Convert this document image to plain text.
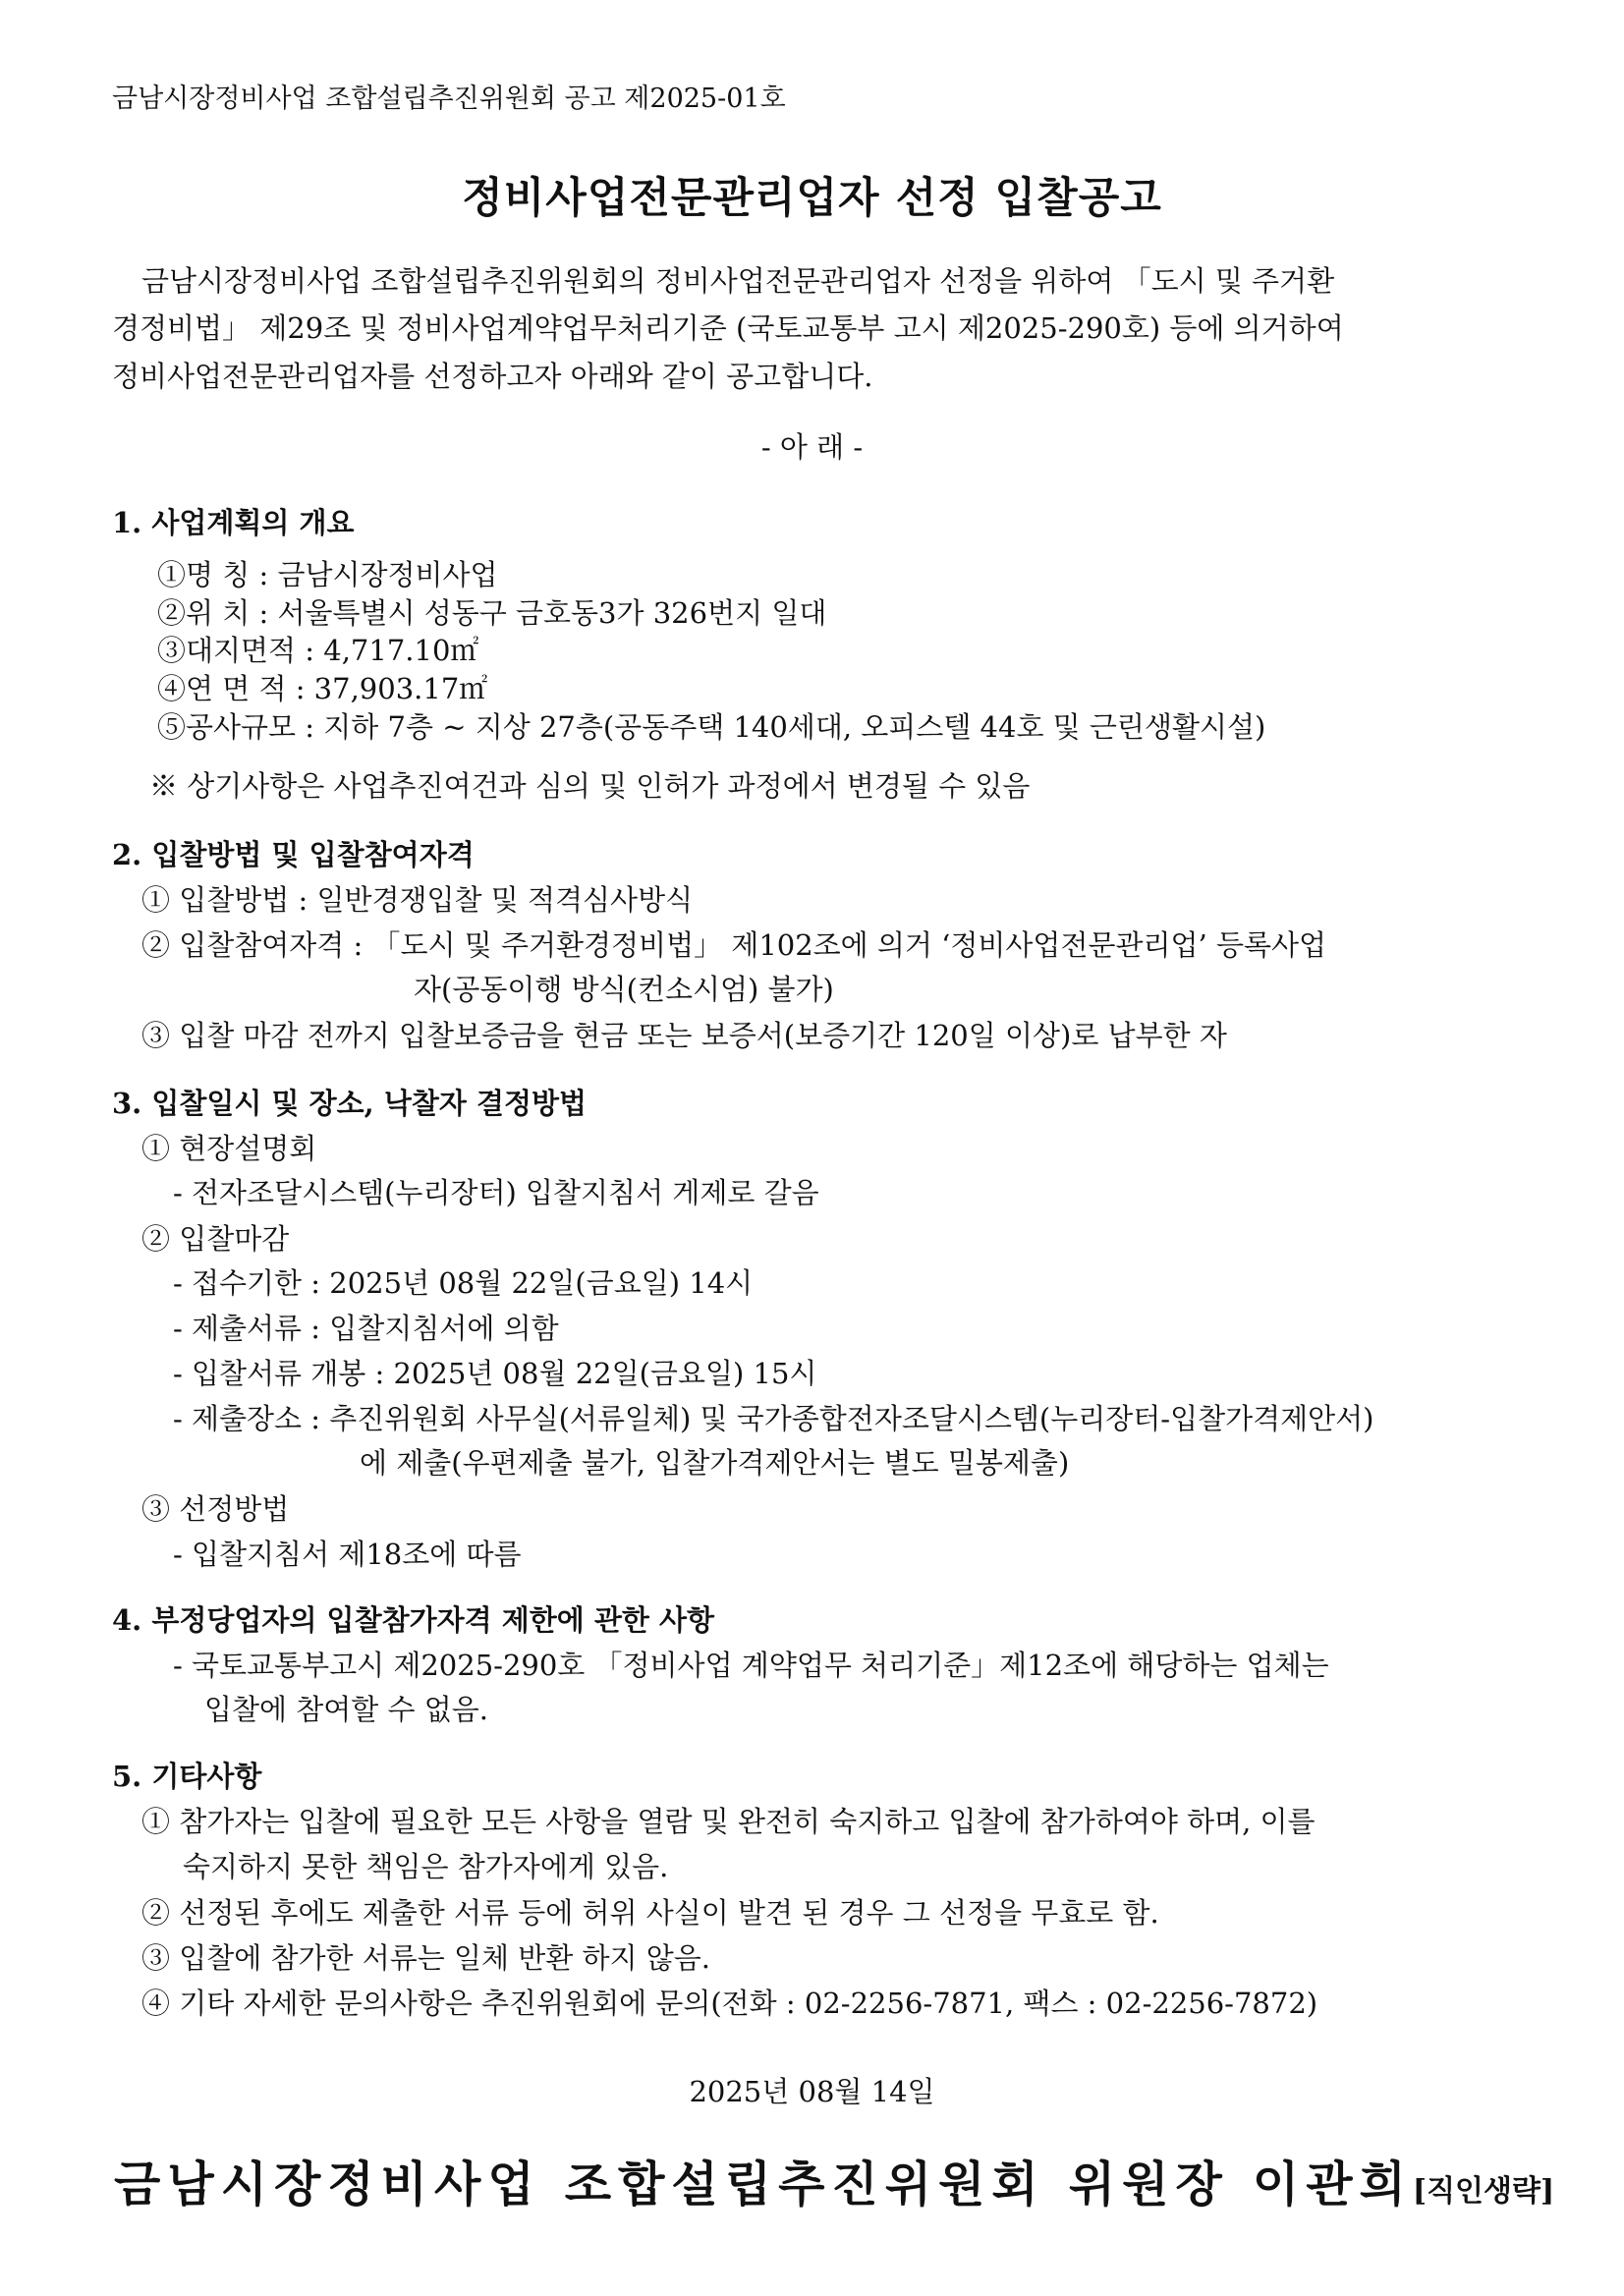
금남시장정비사업 조합설립추진위원회 공고 제2025-01호
정비사업전문관리업자 선정 입찰공고
금남시장정비사업 조합설립추진위원회의 정비사업전문관리업자 선정을 위하여 「도시 및 주거환
경정비법」 제29조 및 정비사업계약업무처리기준 (국토교통부 고시 제2025-290호) 등에 의거하여
정비사업전문관리업자를 선정하고자 아래와 같이 공고합니다.
- 아 래 -
1. 사업계획의 개요
①명 칭 : 금남시장정비사업
②위 치 : 서울특별시 성동구 금호동3가 326번지 일대
③대지면적 : 4,717.10㎡
④연 면 적 : 37,903.17㎡
⑤공사규모 : 지하 7층 ~ 지상 27층(공동주택 140세대, 오피스텔 44호 및 근린생활시설)
※ 상기사항은 사업추진여건과 심의 및 인허가 과정에서 변경될 수 있음
2. 입찰방법 및 입찰참여자격
① 입찰방법 : 일반경쟁입찰 및 적격심사방식
② 입찰참여자격 : 「도시 및 주거환경정비법」 제102조에 의거 ‘정비사업전문관리업’ 등록사업
자(공동이행 방식(컨소시엄) 불가)
③ 입찰 마감 전까지 입찰보증금을 현금 또는 보증서(보증기간 120일 이상)로 납부한 자
3. 입찰일시 및 장소, 낙찰자 결정방법
① 현장설명회
- 전자조달시스템(누리장터) 입찰지침서 게제로 갈음
② 입찰마감
- 접수기한 : 2025년 08월 22일(금요일) 14시
- 제출서류 : 입찰지침서에 의함
- 입찰서류 개봉 : 2025년 08월 22일(금요일) 15시
- 제출장소 : 추진위원회 사무실(서류일체) 및 국가종합전자조달시스템(누리장터-입찰가격제안서)
에 제출(우편제출 불가, 입찰가격제안서는 별도 밀봉제출)
③ 선정방법
- 입찰지침서 제18조에 따름
4. 부정당업자의 입찰참가자격 제한에 관한 사항
- 국토교통부고시 제2025-290호 「정비사업 계약업무 처리기준」제12조에 해당하는 업체는
입찰에 참여할 수 없음.
5. 기타사항
① 참가자는 입찰에 필요한 모든 사항을 열람 및 완전히 숙지하고 입찰에 참가하여야 하며, 이를
숙지하지 못한 책임은 참가자에게 있음.
② 선정된 후에도 제출한 서류 등에 허위 사실이 발견 된 경우 그 선정을 무효로 함.
③ 입찰에 참가한 서류는 일체 반환 하지 않음.
④ 기타 자세한 문의사항은 추진위원회에 문의(전화 : 02-2256-7871, 팩스 : 02-2256-7872)
2025년 08월 14일
금남시장정비사업 조합설립추진위원회 위원장 이관희[직인생략]
